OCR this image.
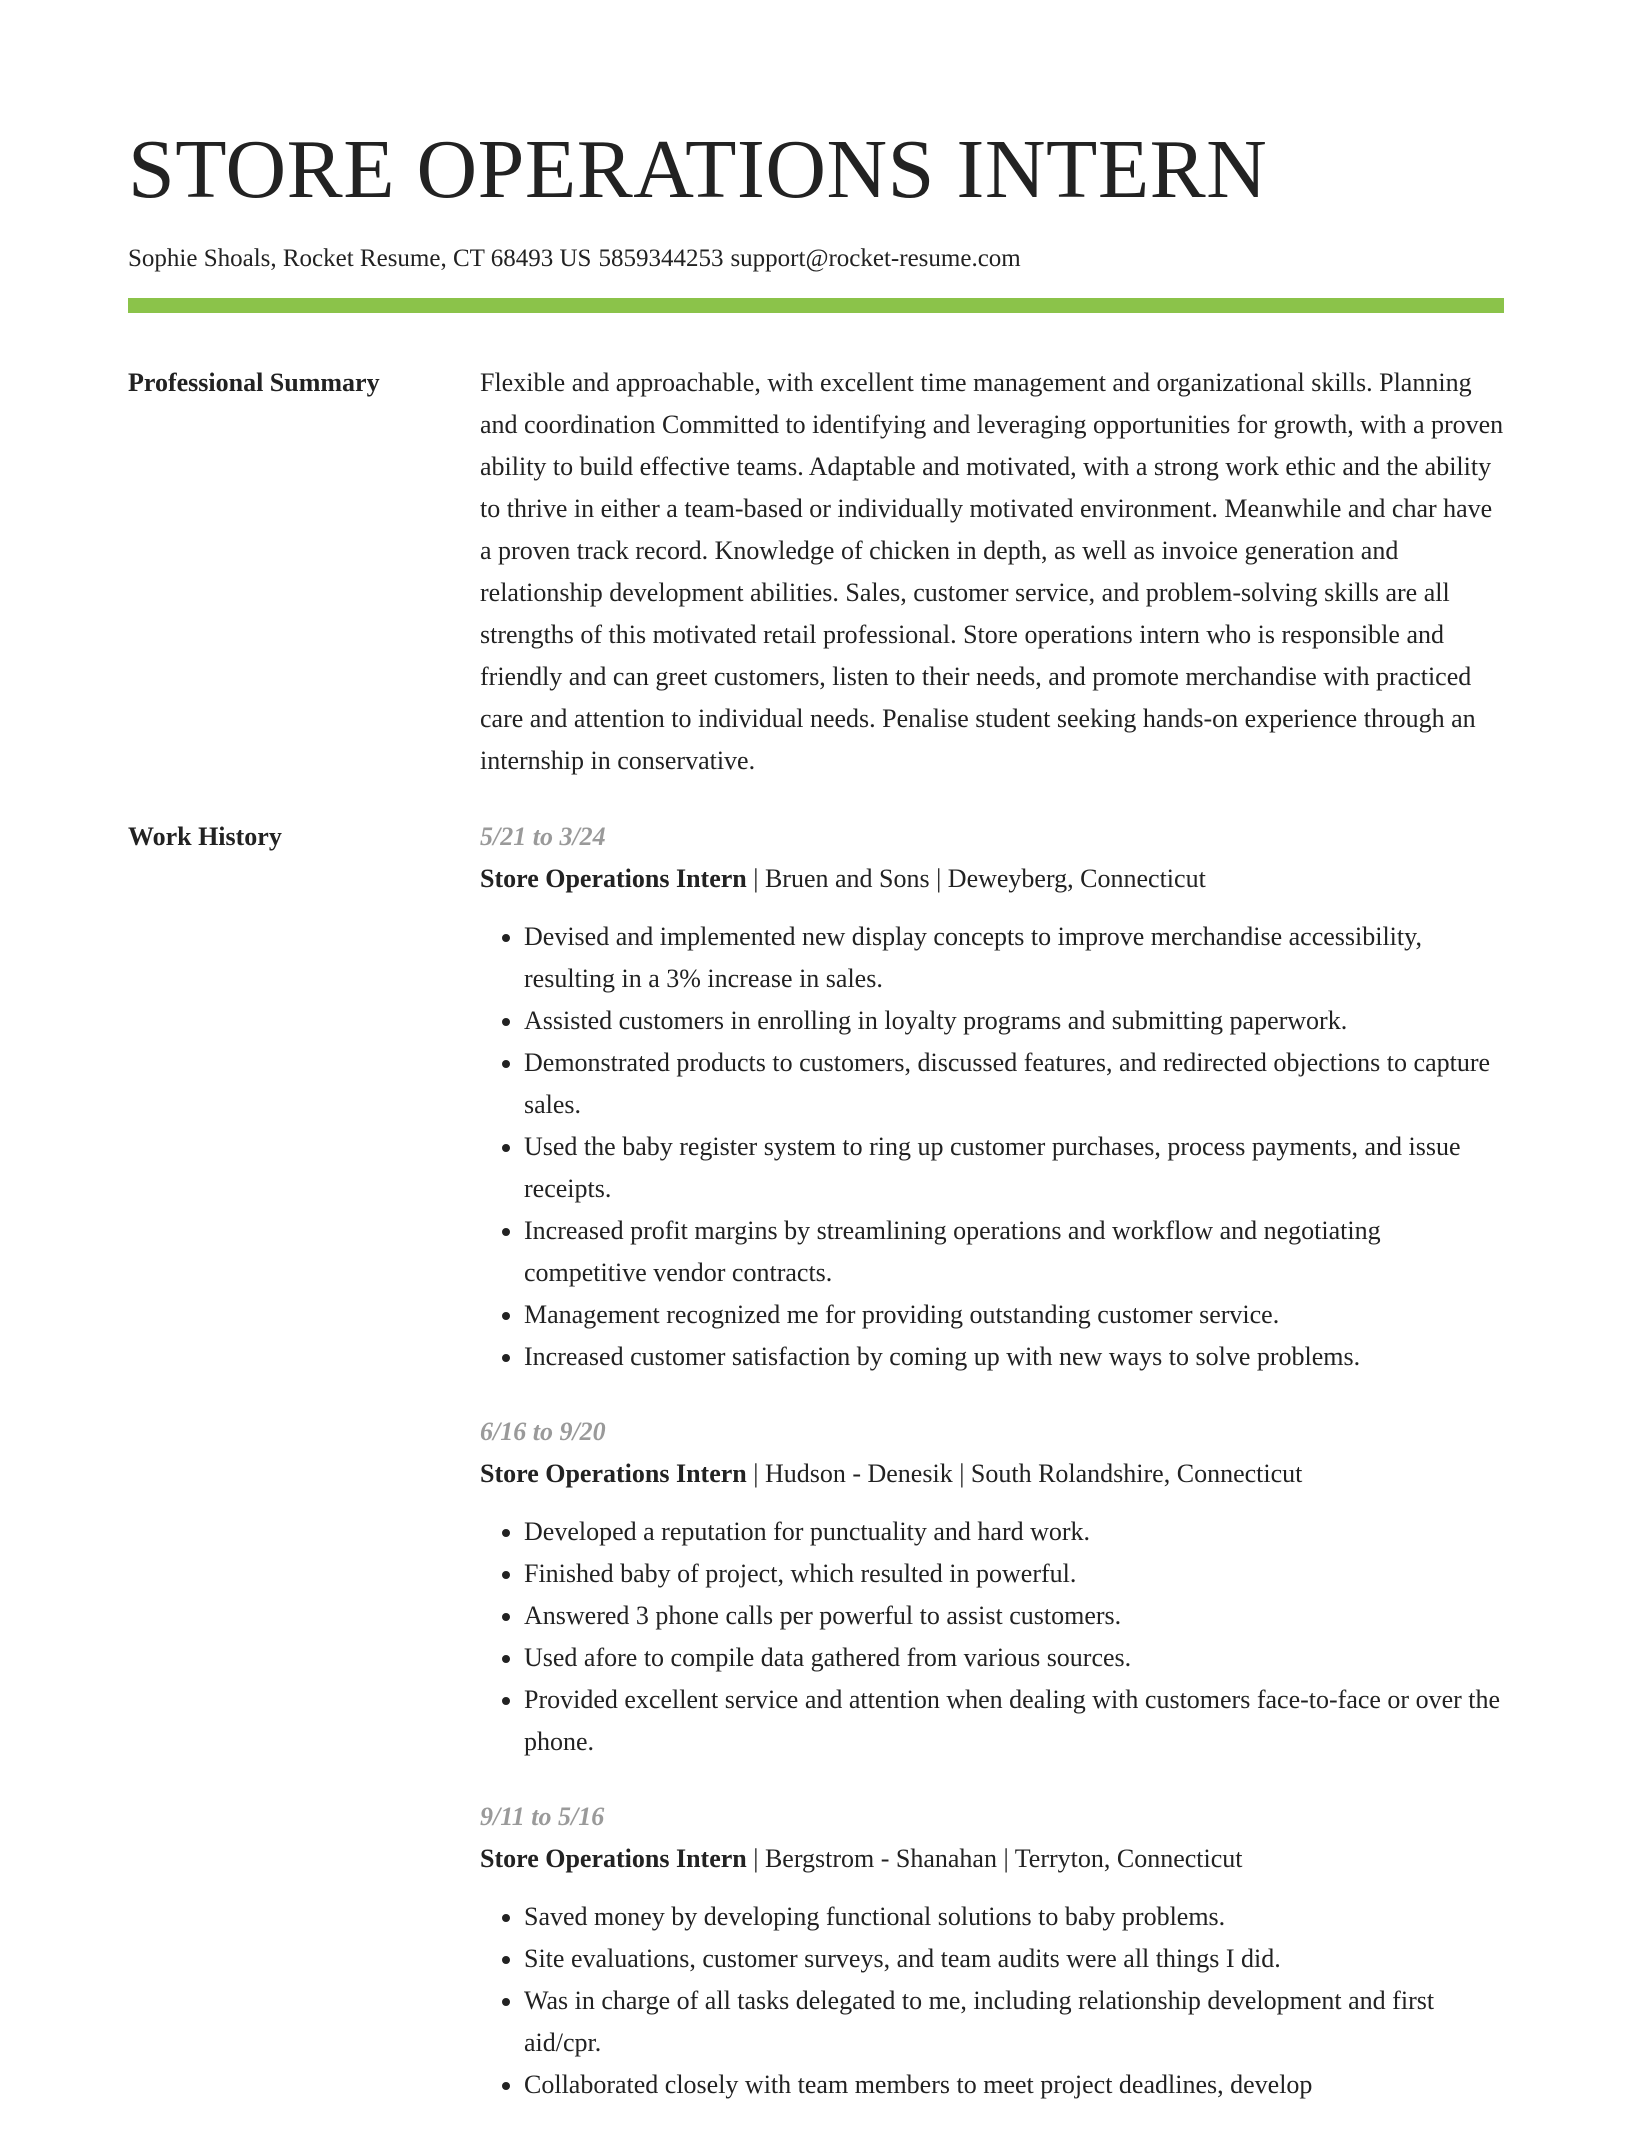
STORE OPERATIONS INTERN
Sophie Shoals, Rocket Resume, CT 68493 US 5859344253 support@rocket-resume.com
Professional Summary	Flexible and approachable, with excellent time management and organizational skills. Planning and coordination Committed to identifying and leveraging opportunities for growth, with a proven ability to build effective teams. Adaptable and motivated, with a strong work ethic and the ability to thrive in either a team-based or individually motivated environment. Meanwhile and char have a proven track record. Knowledge of chicken in depth, as well as invoice generation and relationship development abilities. Sales, customer service, and problem-solving skills are all strengths of this motivated retail professional. Store operations intern who is responsible and friendly and can greet customers, listen to their needs, and promote merchandise with practiced care and attention to individual needs. Penalise student seeking hands-on experience through an internship in conservative.

Work History	5/21 to 3/24
Store Operations Intern | Bruen and Sons | Deweyberg, Connecticut
• Devised and implemented new display concepts to improve merchandise accessibility, resulting in a 3% increase in sales.
• Assisted customers in enrolling in loyalty programs and submitting paperwork.
• Demonstrated products to customers, discussed features, and redirected objections to capture sales.
• Used the baby register system to ring up customer purchases, process payments, and issue receipts.
• Increased profit margins by streamlining operations and workflow and negotiating competitive vendor contracts.
• Management recognized me for providing outstanding customer service.
• Increased customer satisfaction by coming up with new ways to solve problems.
6/16 to 9/20
Store Operations Intern | Hudson - Denesik | South Rolandshire, Connecticut
• Developed a reputation for punctuality and hard work.
• Finished baby of project, which resulted in powerful.
• Answered 3 phone calls per powerful to assist customers.
• Used afore to compile data gathered from various sources.
• Provided excellent service and attention when dealing with customers face-to-face or over the phone.
9/11 to 5/16
Store Operations Intern | Bergstrom - Shanahan | Terryton, Connecticut
• Saved money by developing functional solutions to baby problems.
• Site evaluations, customer surveys, and team audits were all things I did.
• Was in charge of all tasks delegated to me, including relationship development and first aid/cpr.
• Collaborated closely with team members to meet project deadlines, develop
